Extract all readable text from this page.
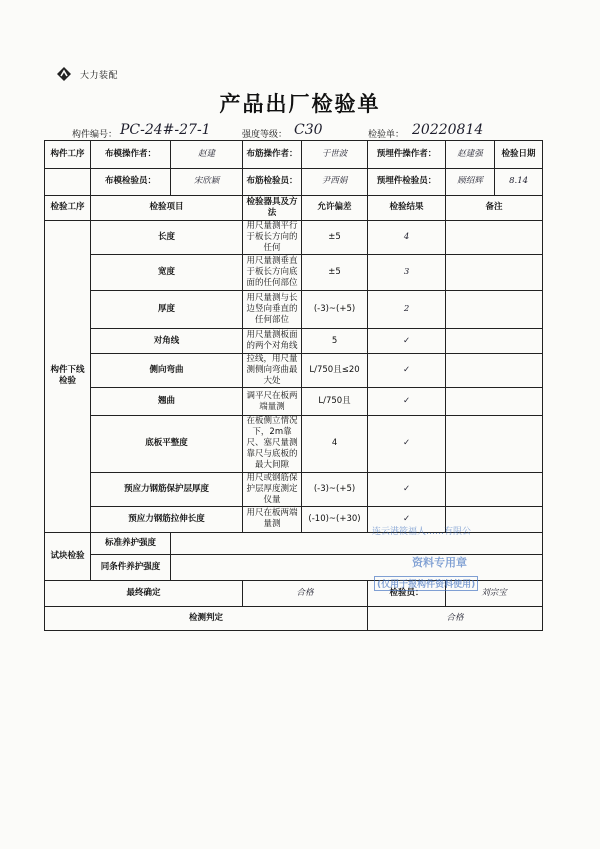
大力装配
产品出厂检验单
构件编号： PC-24#-27-1	强度等级： C30	检验单： 20220814
构件工序	布模操作者：	赵建	布筋操作者：	于世波	预埋件操作者：	赵建强	检验日期
	布模检验员：	宋欣颖	布筋检验员：	尹西娟	预埋件检验员：	顾绍辉	8.14
检验工序	检验项目		检验器具及方法	允许偏差	检验结果	备注	
构件下线检验	长度		用尺量测平行于板长方向的任何	±5	4		
	宽度		用尺量测垂直于板长方向底面的任何部位	±5	3		
	厚度		用尺量测与长边竖向垂直的任何部位	(-3)~(+5)	2		
	对角线		用尺量测板面的两个对角线	5	✓		
	侧向弯曲		拉线，用尺量测侧向弯曲最大处	L/750且≤20	✓		
	翘曲		调平尺在板两端量测	L/750且	✓		
	底板平整度		在板侧立情况下，2m靠尺、塞尺量测靠尺与底板的最大间隙	4	✓		
	预应力钢筋保护层厚度		用尺或钢筋保护层厚度测定仪量	(-3)~(+5)	✓		
	预应力钢筋拉伸长度		用尺在板两端量测	(-10)~(+30)	✓		
试块检验	标准养护强度						
	同条件养护强度						
最终确定			合格		检验员：	刘宗宝	
检测判定					合格		
连云港筱福人……有限公
资料专用章
(仅用于报构件资料使用)
